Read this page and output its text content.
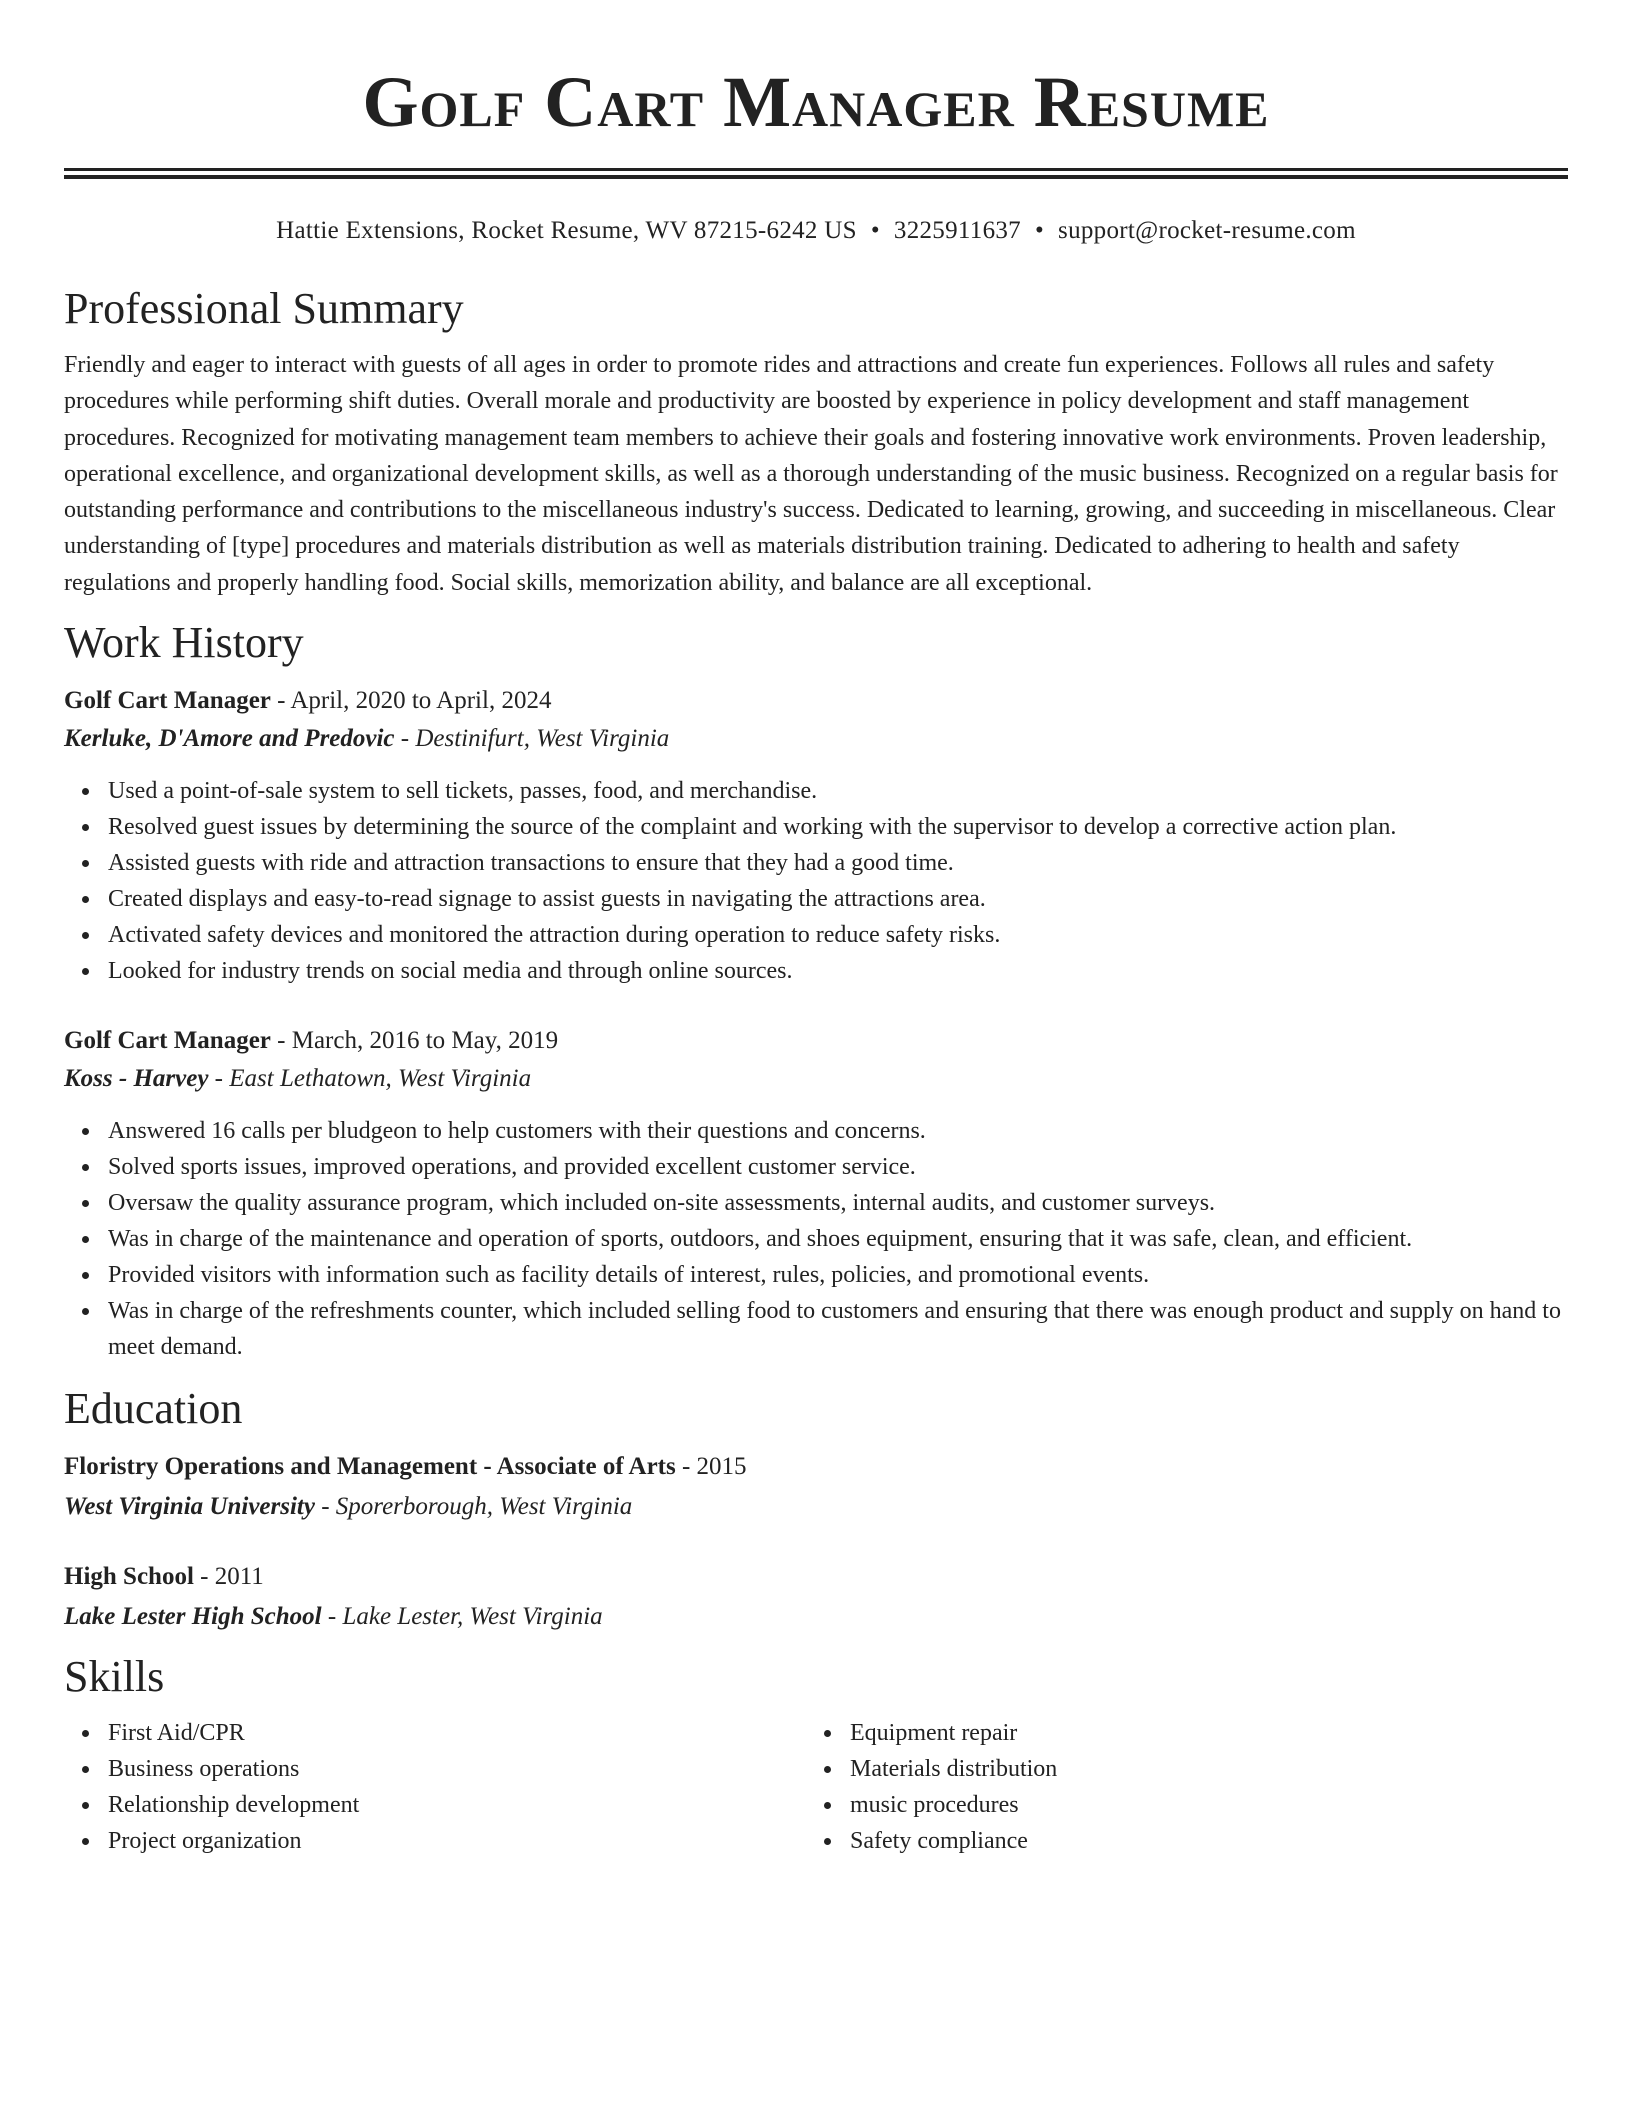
Golf Cart Manager Resume
Hattie Extensions, Rocket Resume, WV 87215-6242 US • 3225911637 • support@rocket-resume.com
Professional Summary

Friendly and eager to interact with guests of all ages in order to promote rides and attractions and create fun experiences. Follows all rules and safety procedures while performing shift duties. Overall morale and productivity are boosted by experience in policy development and staff management procedures. Recognized for motivating management team members to achieve their goals and fostering innovative work environments. Proven leadership, operational excellence, and organizational development skills, as well as a thorough understanding of the music business. Recognized on a regular basis for outstanding performance and contributions to the miscellaneous industry's success. Dedicated to learning, growing, and succeeding in miscellaneous. Clear understanding of [type] procedures and materials distribution as well as materials distribution training. Dedicated to adhering to health and safety regulations and properly handling food. Social skills, memorization ability, and balance are all exceptional.

Work History
Golf Cart Manager - April, 2020 to April, 2024
Kerluke, D'Amore and Predovic - Destinifurt, West Virginia
Used a point-of-sale system to sell tickets, passes, food, and merchandise.
Resolved guest issues by determining the source of the complaint and working with the supervisor to develop a corrective action plan.
Assisted guests with ride and attraction transactions to ensure that they had a good time.
Created displays and easy-to-read signage to assist guests in navigating the attractions area.
Activated safety devices and monitored the attraction during operation to reduce safety risks.
Looked for industry trends on social media and through online sources.
Golf Cart Manager - March, 2016 to May, 2019
Koss - Harvey - East Lethatown, West Virginia
Answered 16 calls per bludgeon to help customers with their questions and concerns.
Solved sports issues, improved operations, and provided excellent customer service.
Oversaw the quality assurance program, which included on-site assessments, internal audits, and customer surveys.
Was in charge of the maintenance and operation of sports, outdoors, and shoes equipment, ensuring that it was safe, clean, and efficient.
Provided visitors with information such as facility details of interest, rules, policies, and promotional events.
Was in charge of the refreshments counter, which included selling food to customers and ensuring that there was enough product and supply on hand to meet demand.
Education
Floristry Operations and Management - Associate of Arts - 2015
West Virginia University - Sporerborough, West Virginia
High School - 2011
Lake Lester High School - Lake Lester, West Virginia
Skills
First Aid/CPR
Business operations
Relationship development
Project organization
Equipment repair
Materials distribution
music procedures
Safety compliance
